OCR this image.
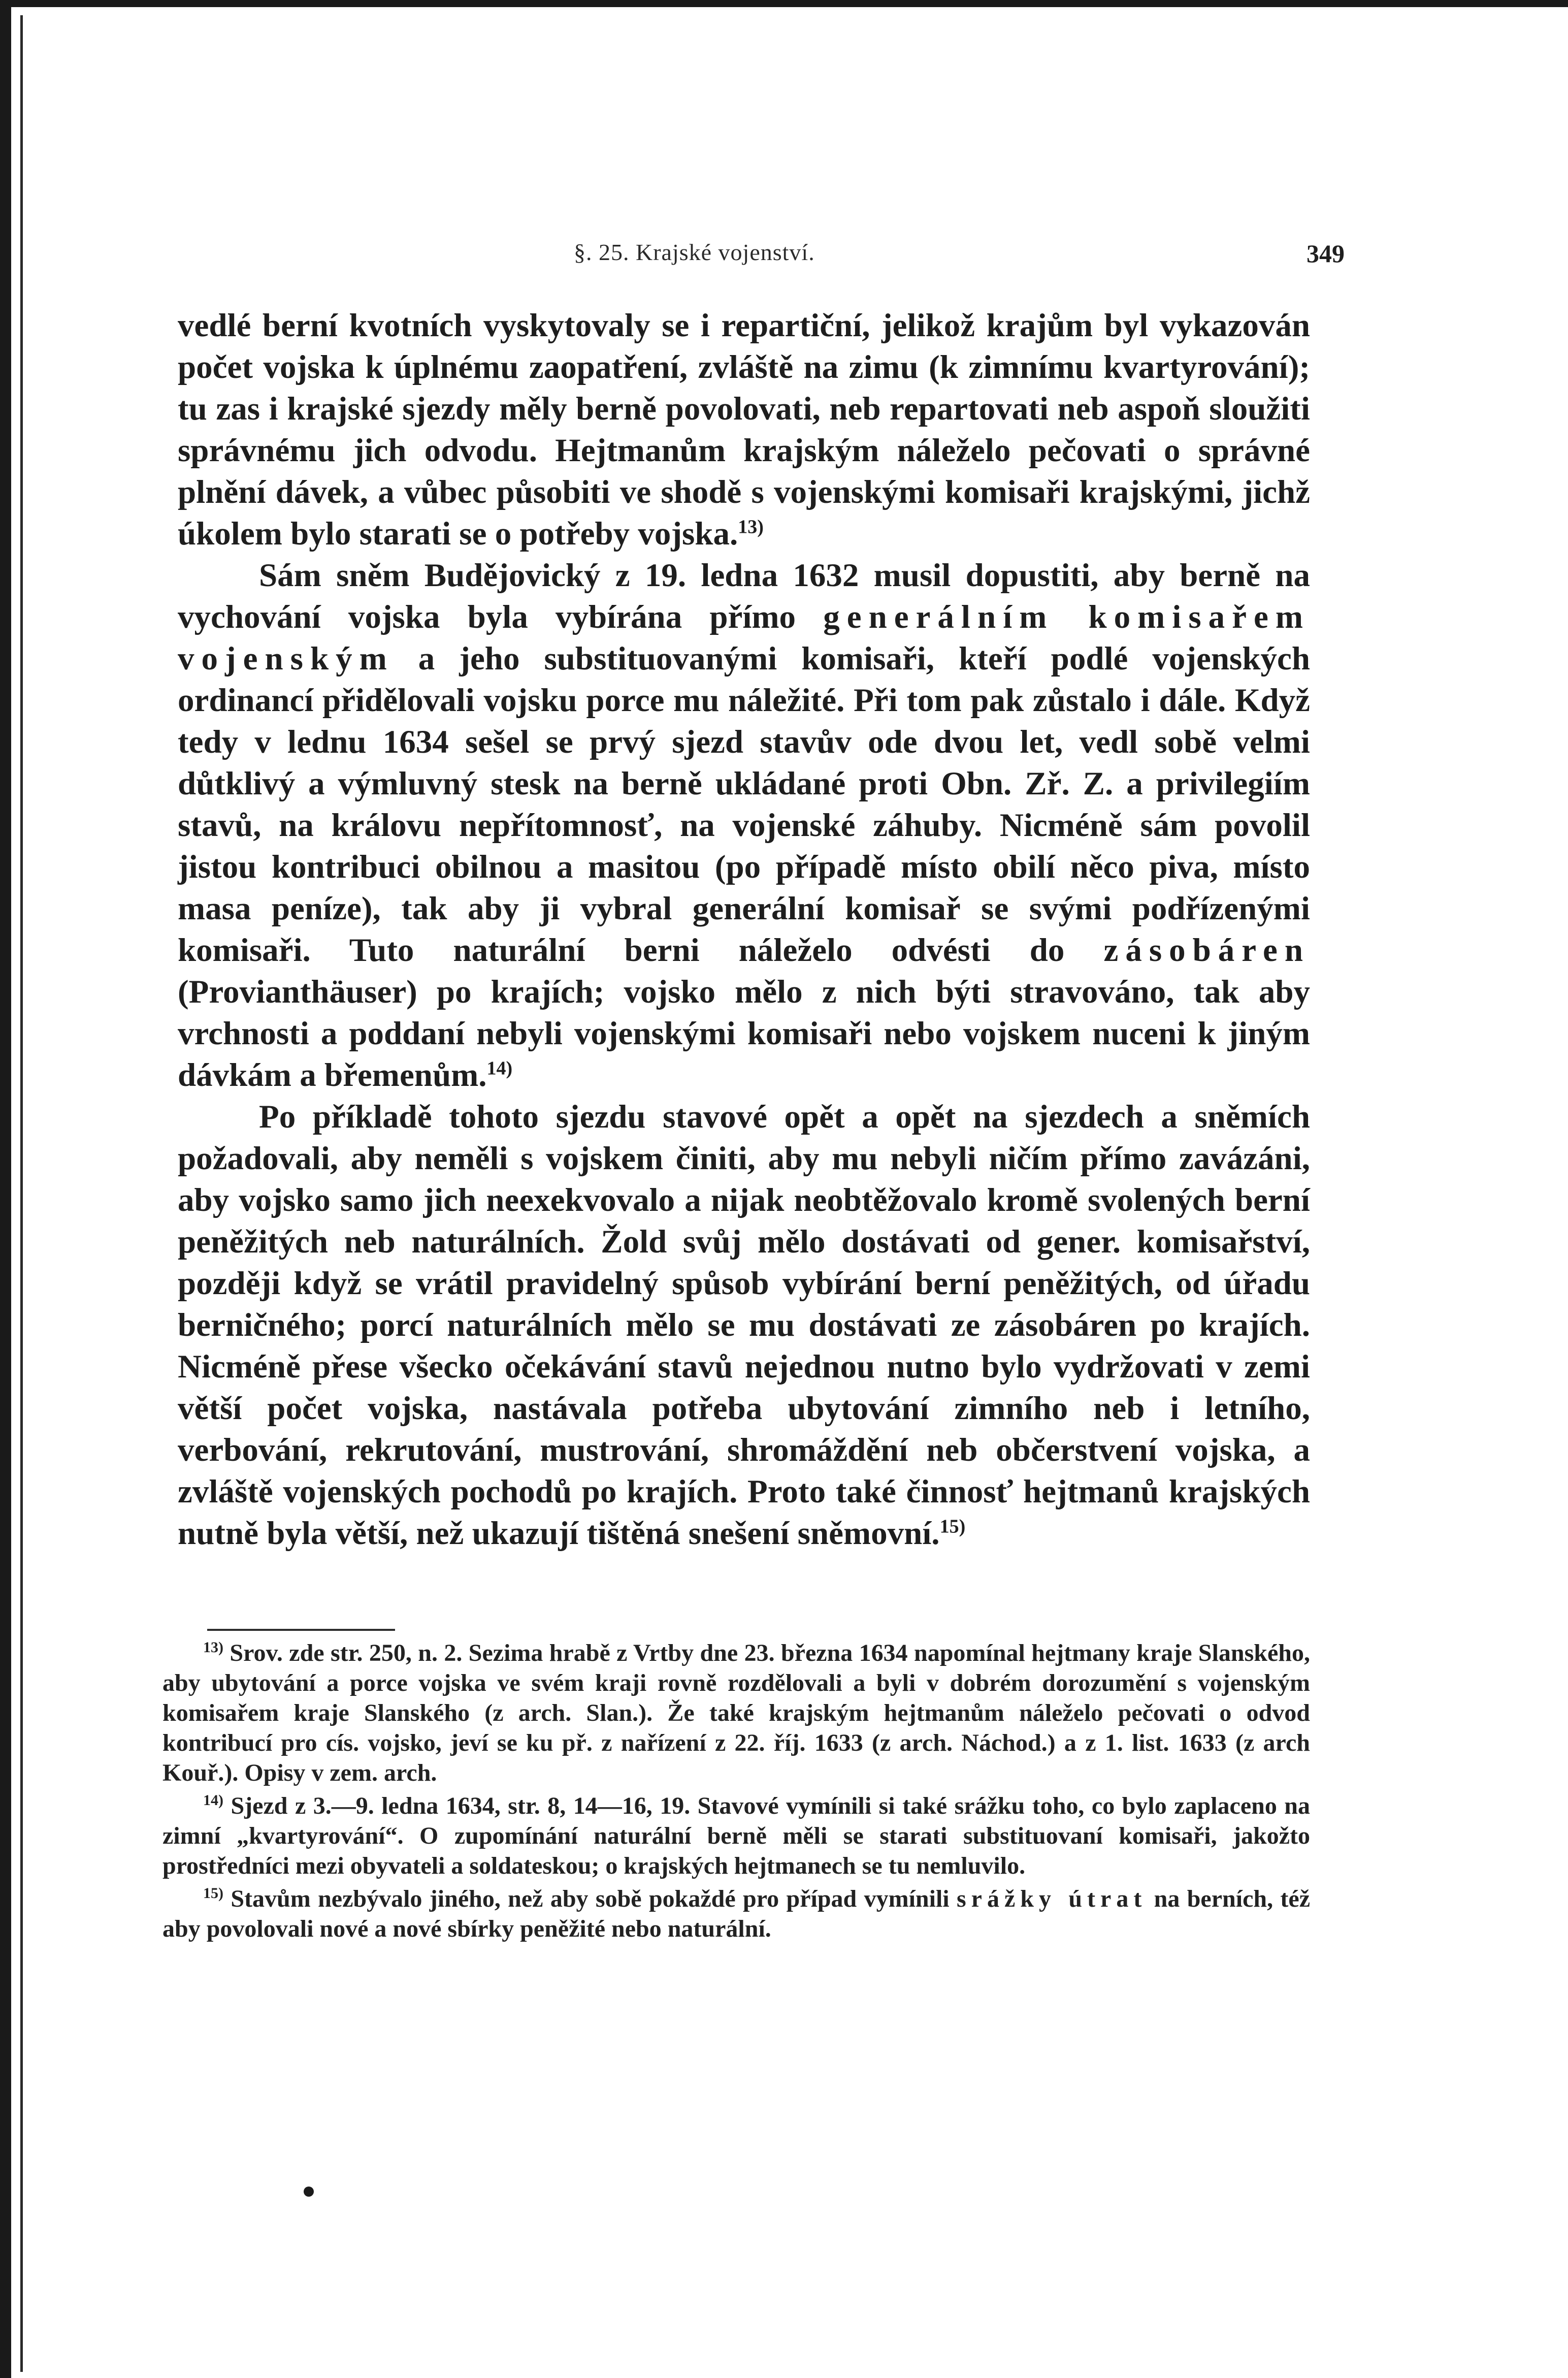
§. 25. Krajské vojenství.	349

vedlé berní kvotních vyskytovaly se i repartiční, jelikož krajům byl vykazován počet vojska k úplnému zaopatření, zvláště na zimu (k zimnímu kvartyrování); tu zas i krajské sjezdy měly berně povolovati, neb repartovati neb aspoň sloužiti správnému jich odvodu. Hejtmanům krajským náleželo pečovati o správné plnění dávek, a vůbec působiti ve shodě s vojenskými komisaři krajskými, jichž úkolem bylo starati se o potřeby vojska.$^{13)}$

Sám sněm Budějovický z 19. ledna 1632 musil dopustiti, aby berně na vychování vojska byla vybírána přímo generálním komisařem vojenským a jeho substituovanými komisaři, kteří podlé vojenských ordinancí přidělovali vojsku porce mu náležité. Při tom pak zůstalo i dále. Když tedy v lednu 1634 sešel se prvý sjezd stavův ode dvou let, vedl sobě velmi důtklivý a výmluvný stesk na berně ukládané proti Obn. Zř. Z. a privilegiím stavů, na královu nepřítomnosť, na vojenské záhuby. Nicméně sám povolil jistou kontribuci obilnou a masitou (po případě místo obilí něco piva, místo masa peníze), tak aby ji vybral generální komisař se svými podřízenými komisaři. Tuto naturální berni náleželo odvésti do zásobáren (Provianthäuser) po krajích; vojsko mělo z nich býti stravováno, tak aby vrchnosti a poddaní nebyli vojenskými komisaři nebo vojskem nuceni k jiným dávkám a břemenům.$^{14)}$

Po příkladě tohoto sjezdu stavové opět a opět na sjezdech a sněmích požadovali, aby neměli s vojskem činiti, aby mu nebyli ničím přímo zavázáni, aby vojsko samo jich neexekvovalo a nijak neobtěžovalo kromě svolených berní peněžitých neb naturálních. Žold svůj mělo dostávati od gener. komisařství, později když se vrátil pravidelný spůsob vybírání berní peněžitých, od úřadu berničného; porcí naturálních mělo se mu dostávati ze zásobáren po krajích. Nicméně přese všecko očekávání stavů nejednou nutno bylo vydržovati v zemi větší počet vojska, nastávala potřeba ubytování zimního neb i letního, verbování, rekrutování, mustrování, shromáždění neb občerstvení vojska, a zvláště vojenských pochodů po krajích. Proto také činnosť hejtmanů krajských nutně byla větší, než ukazují tištěná snešení sněmovní.$^{15)}$

$^{13)}$ Srov. zde str. 250, n. 2. Sezima hrabě z Vrtby dne 23. března 1634 napomínal hejtmany kraje Slanského, aby ubytování a porce vojska ve svém kraji rovně rozdělovali a byli v dobrém dorozumění s vojenským komisařem kraje Slanského (z arch. Slan.). Že také krajským hejtmanům náleželo pečovati o odvod kontribucí pro cís. vojsko, jeví se ku př. z nařízení z 22. říj. 1633 (z arch. Náchod.) a z 1. list. 1633 (z arch Kouř.). Opisy v zem. arch.

$^{14)}$ Sjezd z 3.—9. ledna 1634, str. 8, 14—16, 19. Stavové vymínili si také srážku toho, co bylo zaplaceno na zimní „kvartyrování“. O zupomínání naturální berně měli se starati substituovaní komisaři, jakožto prostředníci mezi obyvateli a soldateskou; o krajských hejtmanech se tu nemluvilo.

$^{15)}$ Stavům nezbývalo jiného, než aby sobě pokaždé pro případ vymínili srážky útrat na berních, též aby povolovali nové a nové sbírky peněžité nebo naturální.
